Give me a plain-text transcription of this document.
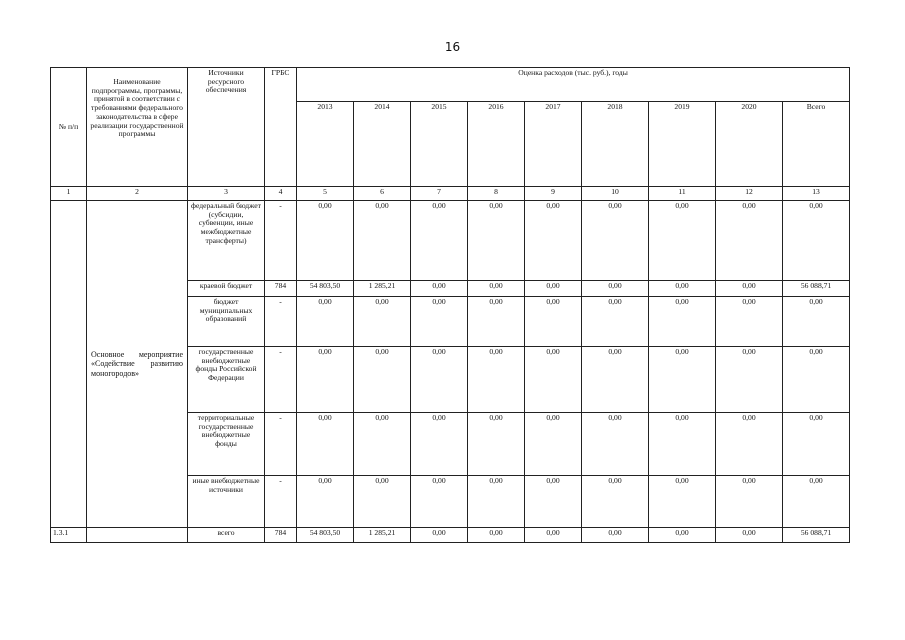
16
№ п/п	Наименование подпрограммы, программы, принятой в соответствии с требованиями федерального законодательства в сфере реализации государственной программы	Источники ресурсного обеспечения	ГРБС	Оценка расходов (тыс. руб.), годы								
				2013	2014	2015	2016	2017	2018	2019	2020	Всего
1	2	3	4	5	6	7	8	9	10	11	12	13
	Основное мероприятие «Содействие развитию моногородов»	федеральный бюджет (субсидии, субвенции, иные межбюджетные трансферты)	-	0,00	0,00	0,00	0,00	0,00	0,00	0,00	0,00	0,00
		краевой бюджет	784	54 803,50	1 285,21	0,00	0,00	0,00	0,00	0,00	0,00	56 088,71
		бюджет муниципальных образований	-	0,00	0,00	0,00	0,00	0,00	0,00	0,00	0,00	0,00
		государственные внебюджетные фонды Российской Федерации	-	0,00	0,00	0,00	0,00	0,00	0,00	0,00	0,00	0,00
		территориальные государственные внебюджетные фонды	-	0,00	0,00	0,00	0,00	0,00	0,00	0,00	0,00	0,00
		иные внебюджетные источники	-	0,00	0,00	0,00	0,00	0,00	0,00	0,00	0,00	0,00
1.3.1		всего	784	54 803,50	1 285,21	0,00	0,00	0,00	0,00	0,00	0,00	56 088,71
